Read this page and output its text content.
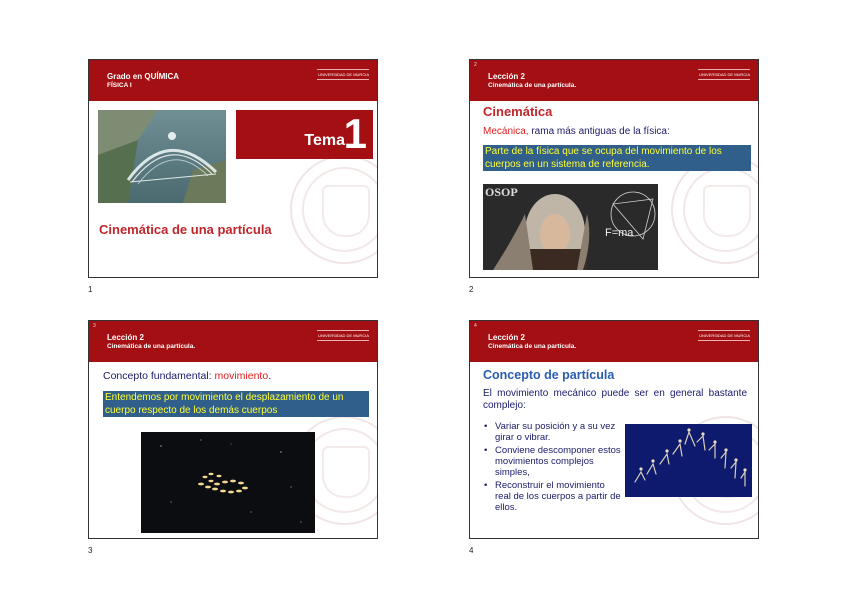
Grado en QUÍMICA
FÍSICA I
UNIVERSIDAD DE MURCIA
Tema
1
Cinemática de una partícula
1
2
Lección 2
Cinemática de una partícula.
UNIVERSIDAD DE MURCIA
Cinemática
Mecánica, rama más antiguas de la física:
Parte de la física que se ocupa del movimiento de los cuerpos en un sistema de referencia.
OSOP
F=ma
2
3
Lección 2
Cinemática de una partícula.
UNIVERSIDAD DE MURCIA
Concepto fundamental: movimiento.
Entendemos por movimiento el desplazamiento de un cuerpo respecto de los demás cuerpos
3
4
Lección 2
Cinemática de una partícula.
UNIVERSIDAD DE MURCIA
Concepto de partícula
El movimiento mecánico puede ser en general bastante complejo:
• Variar su posición y a su vez girar o vibrar.
• Conviene descomponer estos movimientos complejos simples,
• Reconstruir el movimiento real de los cuerpos a partir de ellos.
4
